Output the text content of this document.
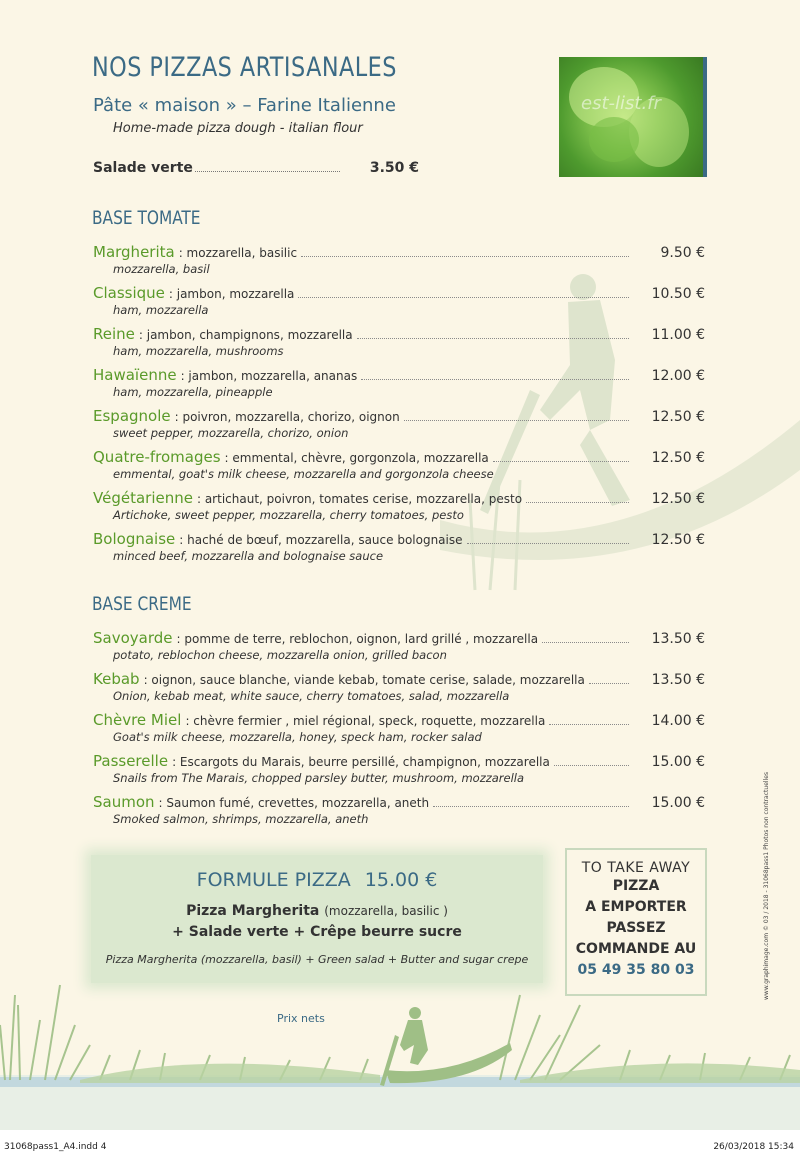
NOS PIZZAS ARTISANALES
Pâte « maison » – Farine Italienne
Home-made pizza dough - italian flour
Salade verte	3.50 €
est-list.fr
BASE TOMATE
Margherita : mozzarella, basilic	9.50 €
mozzarella, basil
Classique : jambon, mozzarella	10.50 €
ham, mozzarella
Reine : jambon, champignons, mozzarella	11.00 €
ham, mozzarella, mushrooms
Hawaïenne : jambon, mozzarella, ananas	12.00 €
ham, mozzarella, pineapple
Espagnole : poivron, mozzarella, chorizo, oignon	12.50 €
sweet pepper, mozzarella, chorizo, onion
Quatre-fromages : emmental, chèvre, gorgonzola, mozzarella	12.50 €
emmental, goat's milk cheese, mozzarella and gorgonzola cheese
Végétarienne : artichaut, poivron, tomates cerise, mozzarella, pesto	12.50 €
Artichoke, sweet pepper, mozzarella, cherry tomatoes, pesto
Bolognaise : haché de bœuf, mozzarella, sauce bolognaise	12.50 €
minced beef, mozzarella and bolognaise sauce
BASE CREME
Savoyarde : pomme de terre, reblochon, oignon, lard grillé , mozzarella	13.50 €
potato, reblochon cheese, mozzarella onion, grilled bacon
Kebab : oignon, sauce blanche, viande kebab, tomate cerise, salade, mozzarella	13.50 €
Onion, kebab meat, white sauce, cherry tomatoes, salad, mozzarella
Chèvre Miel : chèvre fermier , miel régional, speck, roquette, mozzarella	14.00 €
Goat's milk cheese, mozzarella, honey, speck ham, rocker salad
Passerelle : Escargots du Marais, beurre persillé, champignon, mozzarella	15.00 €
Snails from The Marais, chopped parsley butter, mushroom, mozzarella
Saumon : Saumon fumé, crevettes, mozzarella, aneth	15.00 €
Smoked salmon, shrimps, mozzarella, aneth
FORMULE PIZZA 15.00 €
Pizza Margherita (mozzarella, basilic )
+ Salade verte + Crêpe beurre sucre
Pizza Margherita (mozzarella, basil) + Green salad + Butter and sugar crepe
TO TAKE AWAY
PIZZA
A EMPORTER
PASSEZ
COMMANDE AU
05 49 35 80 03
Prix nets
www.graphimage.com © 03 / 2018 - 31068pass1 Photos non contractuelles
31068pass1_A4.indd 4	26/03/2018 15:34
